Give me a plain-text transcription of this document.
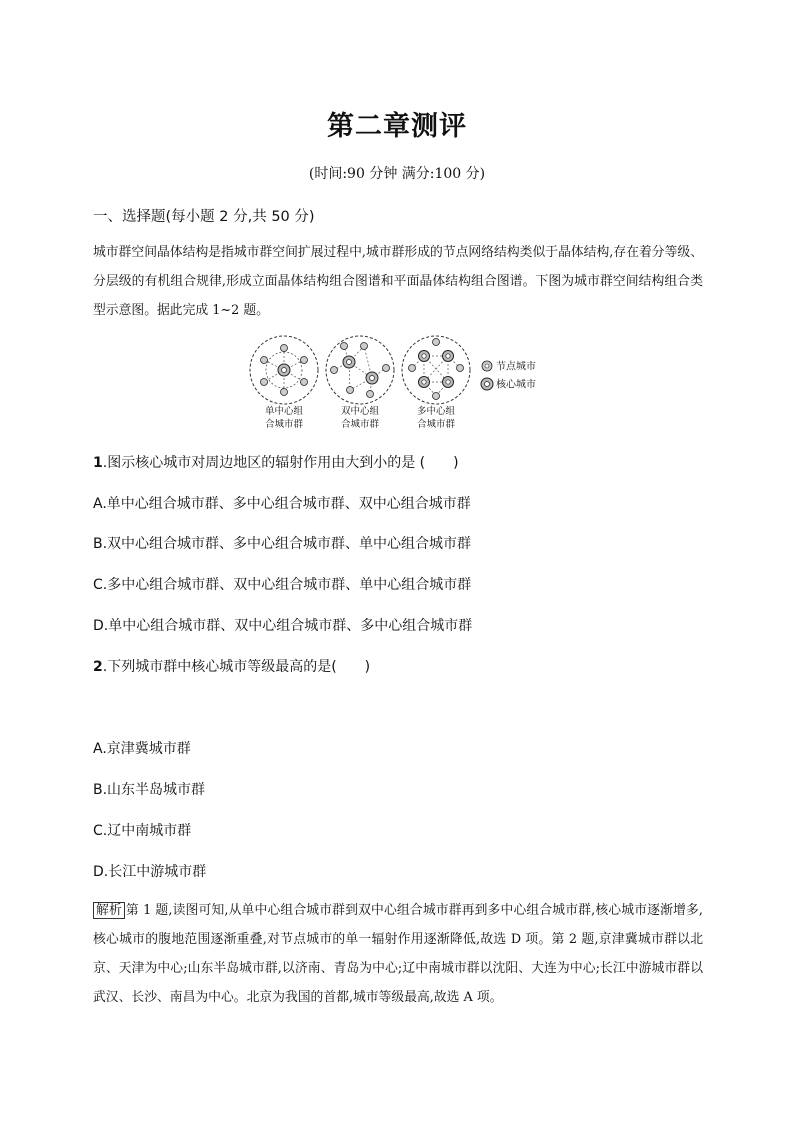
第二章测评
(时间:90 分钟 满分:100 分)
一、选择题(每小题 2 分,共 50 分)
城市群空间晶体结构是指城市群空间扩展过程中,城市群形成的节点网络结构类似于晶体结构,存在着分等级、分层级的有机组合规律,形成立面晶体结构组合图谱和平面晶体结构组合图谱。下图为城市群空间结构组合类型示意图。据此完成 1~2 题。
节点城市
核心城市
单中心组
合城市群
双中心组
合城市群
多中心组
合城市群
1.图示核心城市对周边地区的辐射作用由大到小的是 (　　)
A.单中心组合城市群、多中心组合城市群、双中心组合城市群
B.双中心组合城市群、多中心组合城市群、单中心组合城市群
C.多中心组合城市群、双中心组合城市群、单中心组合城市群
D.单中心组合城市群、双中心组合城市群、多中心组合城市群
2.下列城市群中核心城市等级最高的是(　　)
A.京津冀城市群
B.山东半岛城市群
C.辽中南城市群
D.长江中游城市群
解析 第 1 题,读图可知,从单中心组合城市群到双中心组合城市群再到多中心组合城市群,核心城市逐渐增多,核心城市的腹地范围逐渐重叠,对节点城市的单一辐射作用逐渐降低,故选 D 项。第 2 题,京津冀城市群以北京、天津为中心;山东半岛城市群,以济南、青岛为中心;辽中南城市群以沈阳、大连为中心;长江中游城市群以武汉、长沙、南昌为中心。北京为我国的首都,城市等级最高,故选 A 项。
